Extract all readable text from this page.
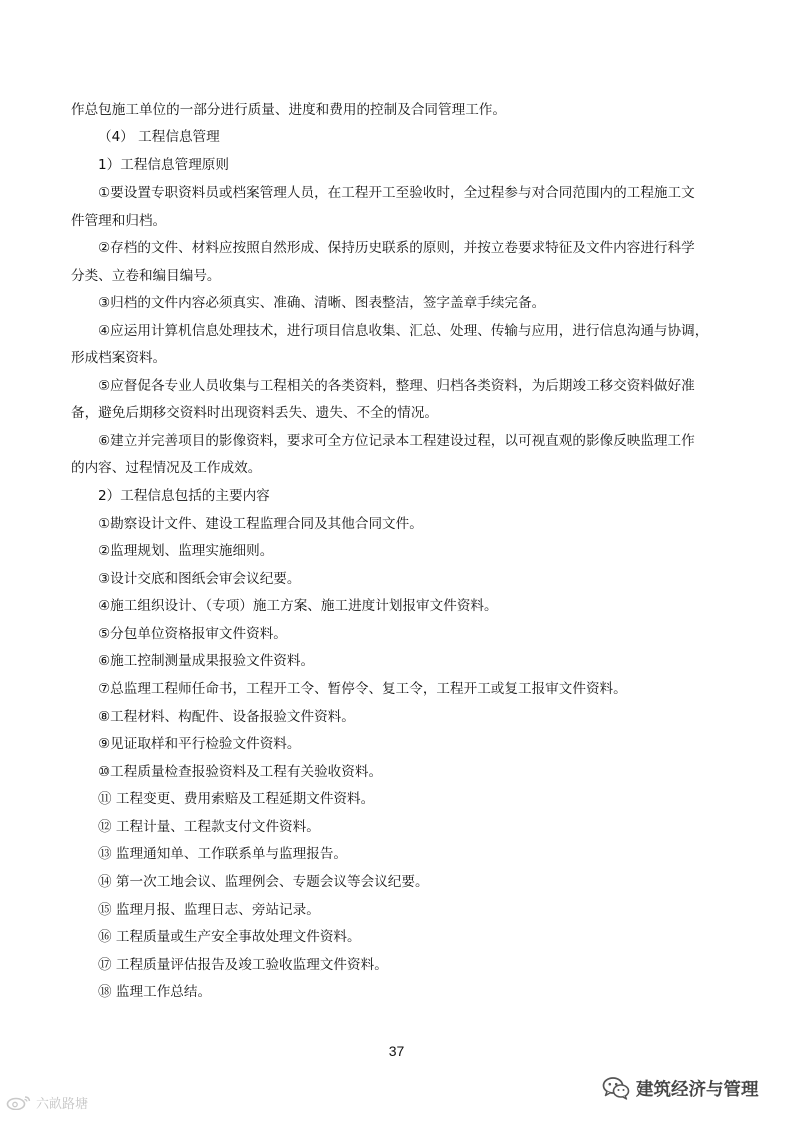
作总包施工单位的一部分进行质量、进度和费用的控制及合同管理工作。
（4） 工程信息管理
1）工程信息管理原则
①要设置专职资料员或档案管理人员，在工程开工至验收时，全过程参与对合同范围内的工程施工文
件管理和归档。
②存档的文件、材料应按照自然形成、保持历史联系的原则，并按立卷要求特征及文件内容进行科学
分类、立卷和编目编号。
③归档的文件内容必须真实、准确、清晰、图表整洁，签字盖章手续完备。
④应运用计算机信息处理技术，进行项目信息收集、汇总、处理、传输与应用，进行信息沟通与协调，
形成档案资料。
⑤应督促各专业人员收集与工程相关的各类资料，整理、归档各类资料，为后期竣工移交资料做好准
备，避免后期移交资料时出现资料丢失、遗失、不全的情况。
⑥建立并完善项目的影像资料，要求可全方位记录本工程建设过程，以可视直观的影像反映监理工作
的内容、过程情况及工作成效。
2）工程信息包括的主要内容
①勘察设计文件、建设工程监理合同及其他合同文件。
②监理规划、监理实施细则。
③设计交底和图纸会审会议纪要。
④施工组织设计、（专项）施工方案、施工进度计划报审文件资料。
⑤分包单位资格报审文件资料。
⑥施工控制测量成果报验文件资料。
⑦总监理工程师任命书，工程开工令、暂停令、复工令，工程开工或复工报审文件资料。
⑧工程材料、构配件、设备报验文件资料。
⑨见证取样和平行检验文件资料。
⑩工程质量检查报验资料及工程有关验收资料。
⑪ 工程变更、费用索赔及工程延期文件资料。
⑫ 工程计量、工程款支付文件资料。
⑬ 监理通知单、工作联系单与监理报告。
⑭ 第一次工地会议、监理例会、专题会议等会议纪要。
⑮ 监理月报、监理日志、旁站记录。
⑯ 工程质量或生产安全事故处理文件资料。
⑰ 工程质量评估报告及竣工验收监理文件资料。
⑱ 监理工作总结。
37
六畝路塘
建筑经济与管理
